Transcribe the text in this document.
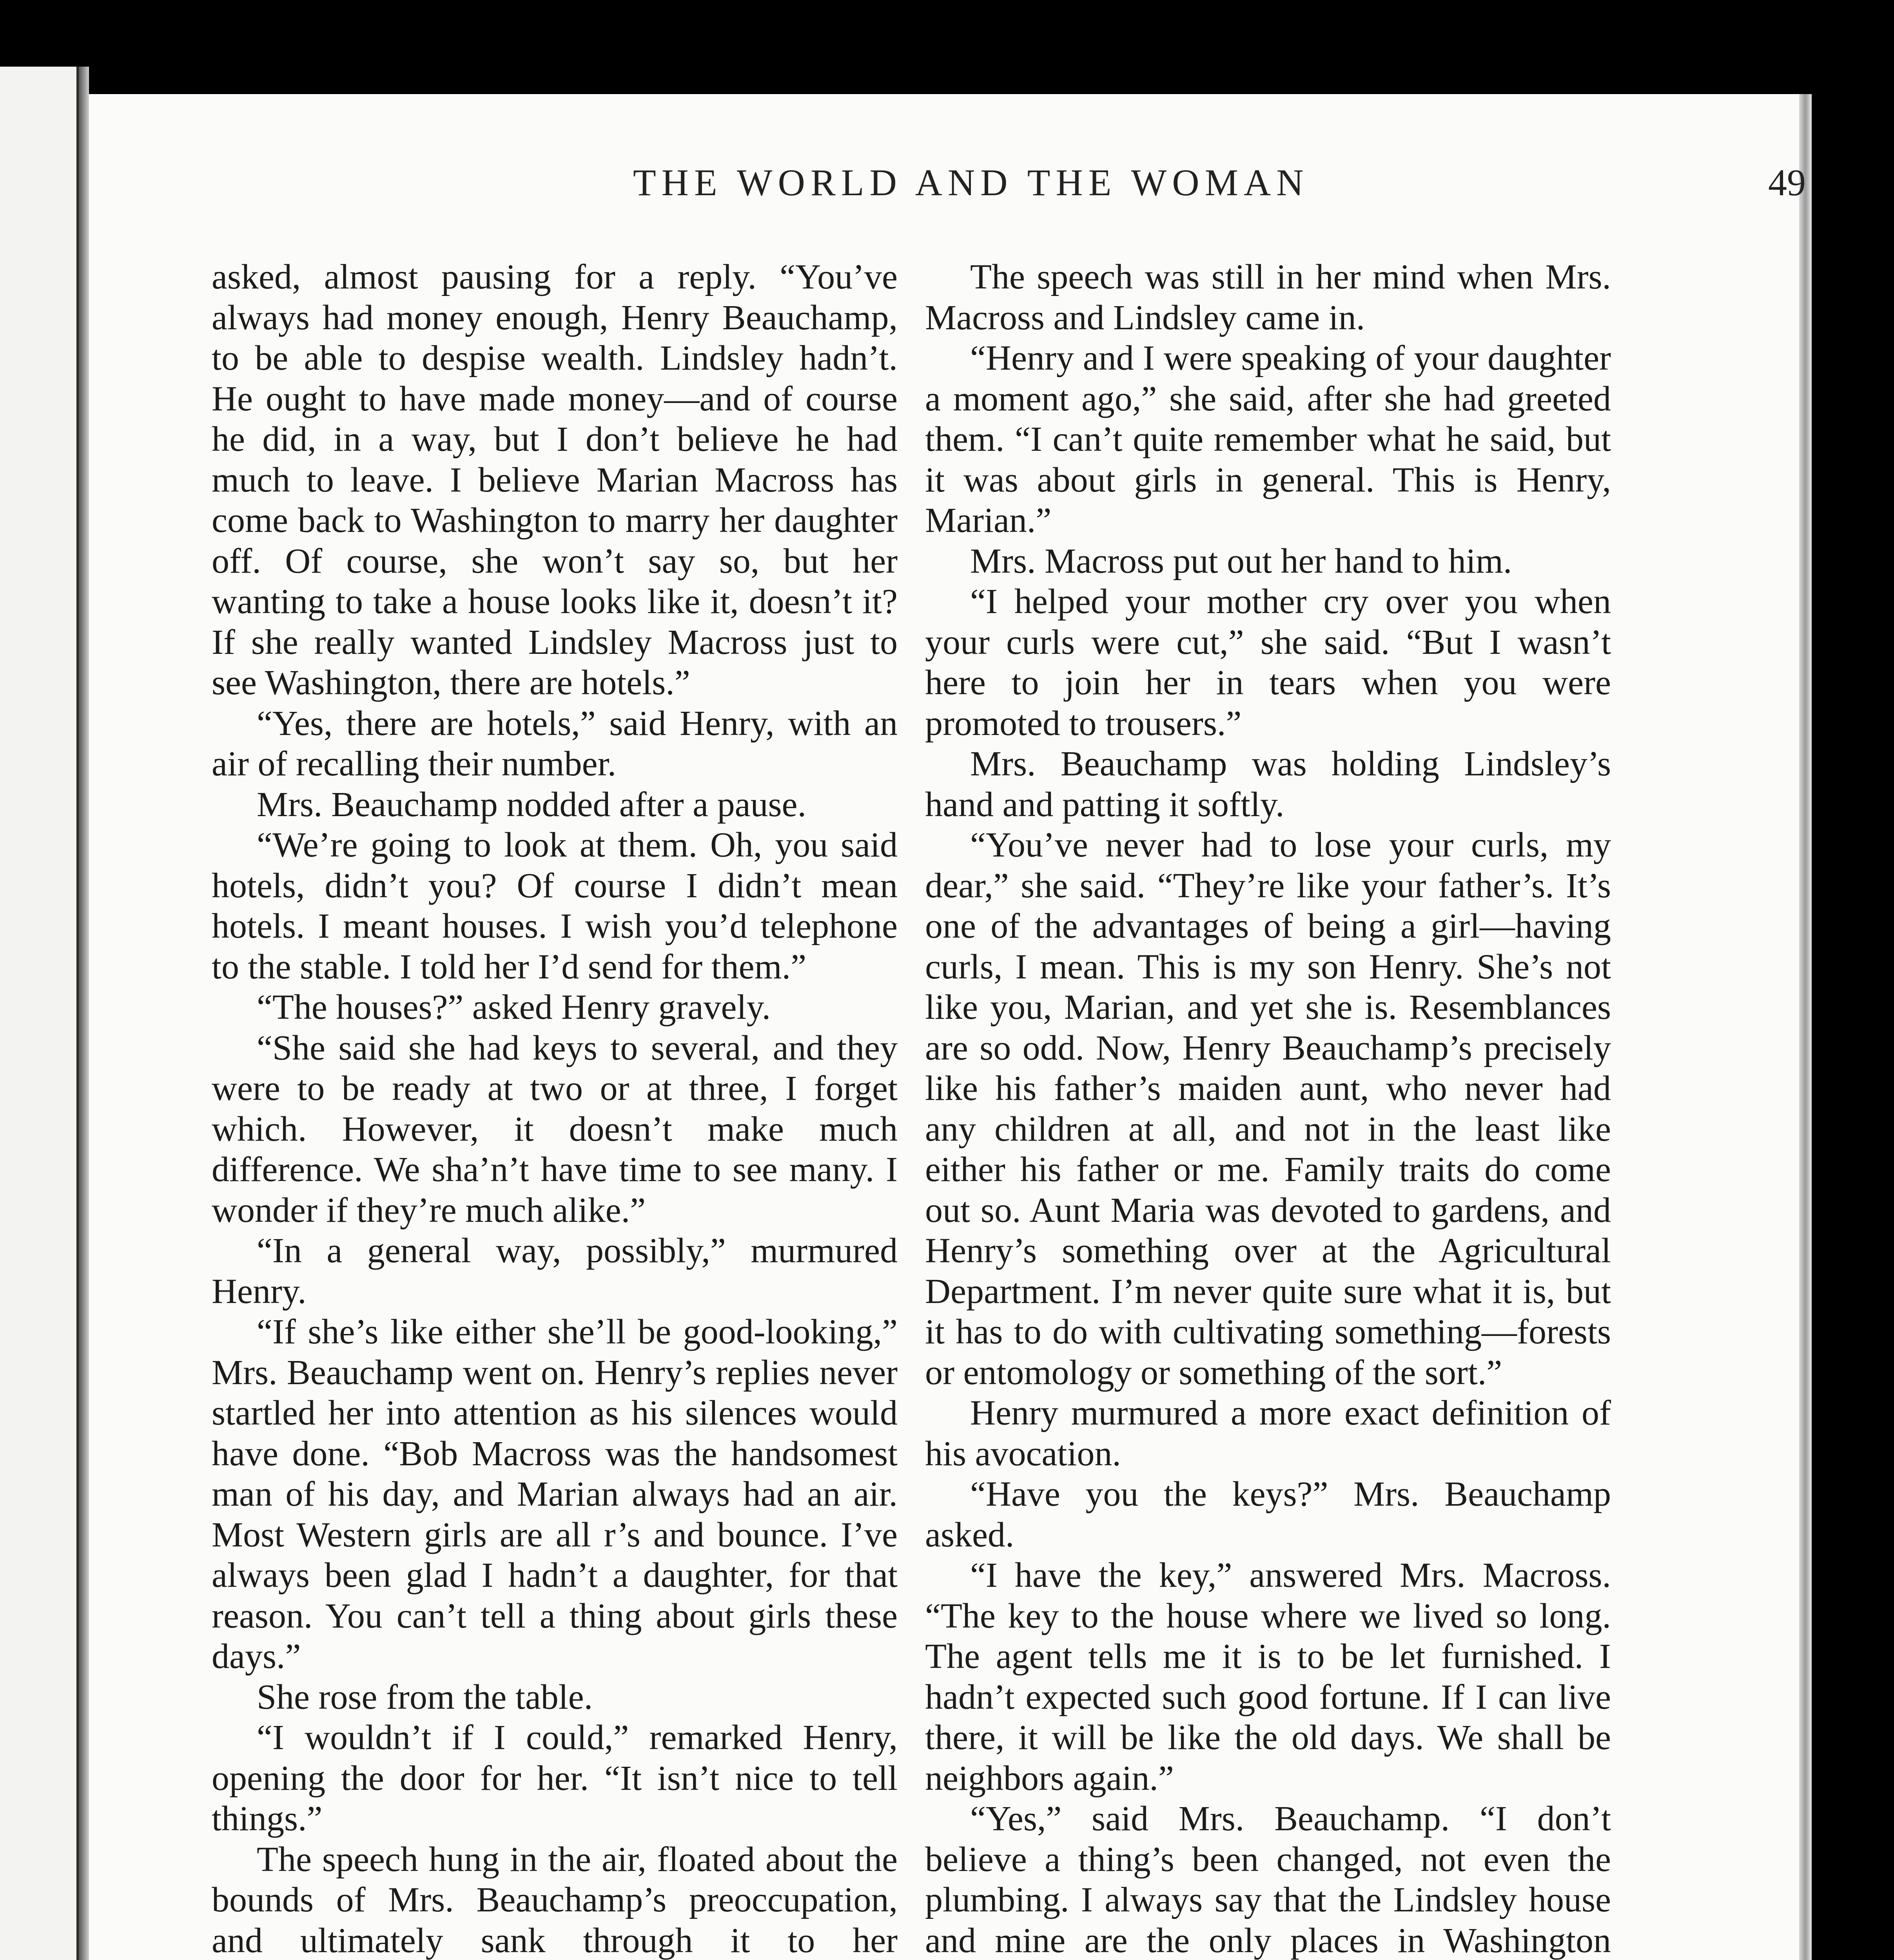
THE WORLD AND THE WOMAN	49

asked, almost pausing for a reply. “You’ve always had money enough, Henry Beauchamp, to be able to despise wealth. Lindsley hadn’t. He ought to have made money—and of course he did, in a way, but I don’t believe he had much to leave. I believe Marian Macross has come back to Washington to marry her daughter off. Of course, she won’t say so, but her wanting to take a house looks like it, doesn’t it? If she really wanted Lindsley Macross just to see Washington, there are hotels.”

“Yes, there are hotels,” said Henry, with an air of recalling their number.

Mrs. Beauchamp nodded after a pause.

“We’re going to look at them. Oh, you said hotels, didn’t you? Of course I didn’t mean hotels. I meant houses. I wish you’d telephone to the stable. I told her I’d send for them.”

“The houses?” asked Henry gravely.

“She said she had keys to several, and they were to be ready at two or at three, I forget which. However, it doesn’t make much difference. We sha’n’t have time to see many. I wonder if they’re much alike.”

“In a general way, possibly,” murmured Henry.

“If she’s like either she’ll be good-looking,” Mrs. Beauchamp went on. Henry’s replies never startled her into attention as his silences would have done. “Bob Macross was the handsomest man of his day, and Marian always had an air. Most Western girls are all r’s and bounce. I’ve always been glad I hadn’t a daughter, for that reason. You can’t tell a thing about girls these days.”

She rose from the table.

“I wouldn’t if I could,” remarked Henry, opening the door for her. “It isn’t nice to tell things.”

The speech hung in the air, floated about the bounds of Mrs. Beauchamp’s preoccupation, and ultimately sank through it to her

The speech was still in her mind when Mrs. Macross and Lindsley came in.

“Henry and I were speaking of your daughter a moment ago,” she said, after she had greeted them. “I can’t quite remember what he said, but it was about girls in general. This is Henry, Marian.”

Mrs. Macross put out her hand to him.

“I helped your mother cry over you when your curls were cut,” she said. “But I wasn’t here to join her in tears when you were promoted to trousers.”

Mrs. Beauchamp was holding Lindsley’s hand and patting it softly.

“You’ve never had to lose your curls, my dear,” she said. “They’re like your father’s. It’s one of the advantages of being a girl—having curls, I mean. This is my son Henry. She’s not like you, Marian, and yet she is. Resemblances are so odd. Now, Henry Beauchamp’s precisely like his father’s maiden aunt, who never had any children at all, and not in the least like either his father or me. Family traits do come out so. Aunt Maria was devoted to gardens, and Henry’s something over at the Agricultural Department. I’m never quite sure what it is, but it has to do with cultivating something—forests or entomology or something of the sort.”

Henry murmured a more exact definition of his avocation.

“Have you the keys?” Mrs. Beauchamp asked.

“I have the key,” answered Mrs. Macross. “The key to the house where we lived so long. The agent tells me it is to be let furnished. I hadn’t expected such good fortune. If I can live there, it will be like the old days. We shall be neighbors again.”

“Yes,” said Mrs. Beauchamp. “I don’t believe a thing’s been changed, not even the plumbing. I always say that the Lindsley house and mine are the only places in Washington
